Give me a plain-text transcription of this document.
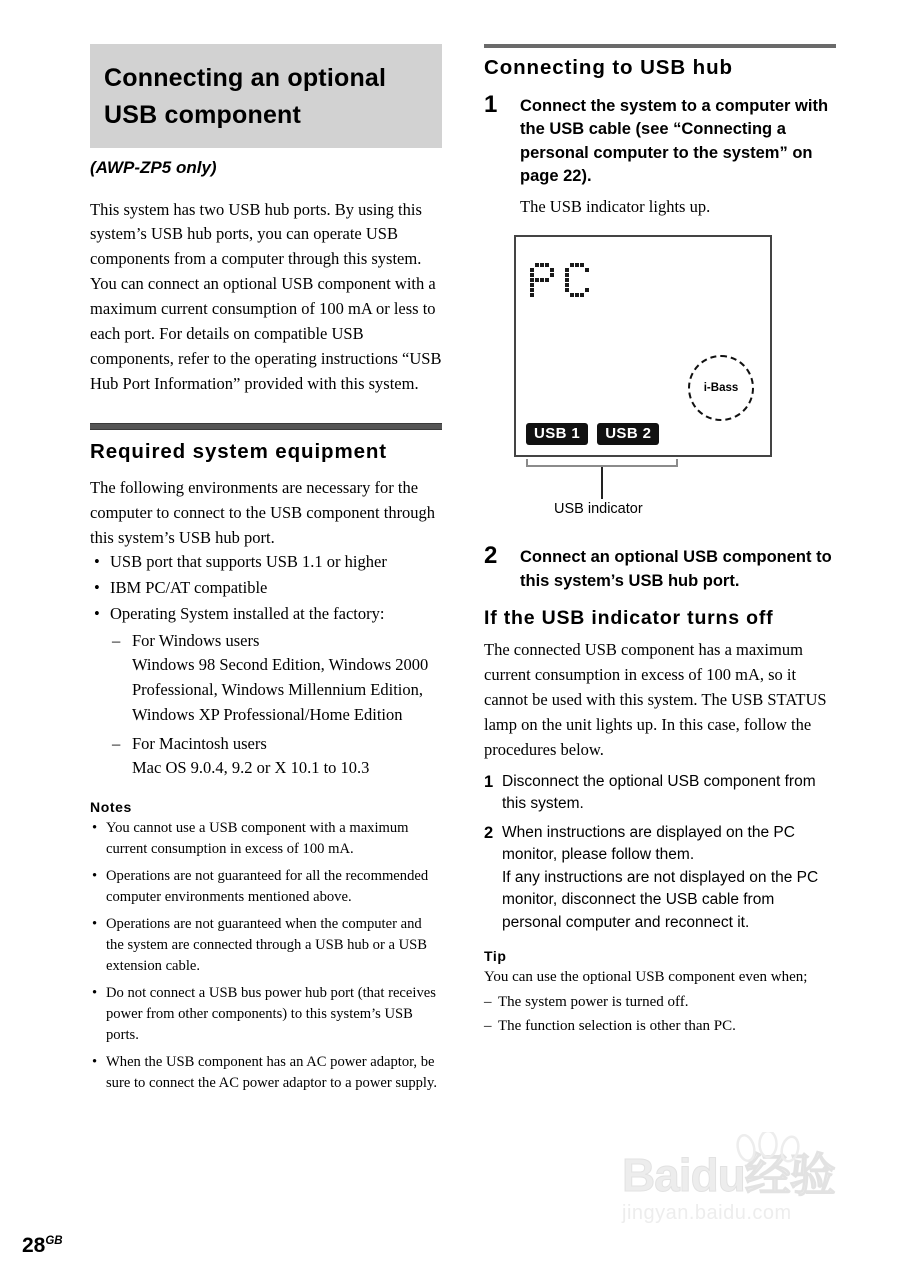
Connecting an optional
USB component
(AWP-ZP5 only)

This system has two USB hub ports. By using this system’s USB hub ports, you can operate USB components from a computer through this system. You can connect an optional USB component with a maximum current consumption of 100 mA or less to each port. For details on compatible USB components, refer to the operating instructions “USB Hub Port Information” provided with this system.

Required system equipment

The following environments are necessary for the computer to connect to the USB component through this system’s USB hub port.

• USB port that supports USB 1.1 or higher
• IBM PC/AT compatible
• Operating System installed at the factory:
– For Windows users
Windows 98 Second Edition, Windows 2000 Professional, Windows Millennium Edition, Windows XP Professional/Home Edition
– For Macintosh users
Mac OS 9.0.4, 9.2 or X 10.1 to 10.3
Notes
• You cannot use a USB component with a maximum current consumption in excess of 100 mA.
• Operations are not guaranteed for all the recommended computer environments mentioned above.
• Operations are not guaranteed when the computer and the system are connected through a USB hub or a USB extension cable.
• Do not connect a USB bus power hub port (that receives power from other components) to this system’s USB ports.
• When the USB component has an AC power adaptor, be sure to connect the AC power adaptor to a power supply.
Connecting to USB hub
1	Connect the system to a computer with the USB cable (see “Connecting a personal computer to the system” on page 22).
The USB indicator lights up.
i-Bass
USB 1	USB 2
USB indicator
2	Connect an optional USB component to this system’s USB hub port.
If the USB indicator turns off

The connected USB component has a maximum current consumption in excess of 100 mA, so it cannot be used with this system. The USB STATUS lamp on the unit lights up. In this case, follow the procedures below.

1 Disconnect the optional USB component from this system.
2 When instructions are displayed on the PC monitor, please follow them.
If any instructions are not displayed on the PC monitor, disconnect the USB cable from personal computer and reconnect it.
Tip
You can use the optional USB component even when;
– The system power is turned off.
– The function selection is other than PC.
$28^{GB}$
Baidu经验
jingyan.baidu.com
